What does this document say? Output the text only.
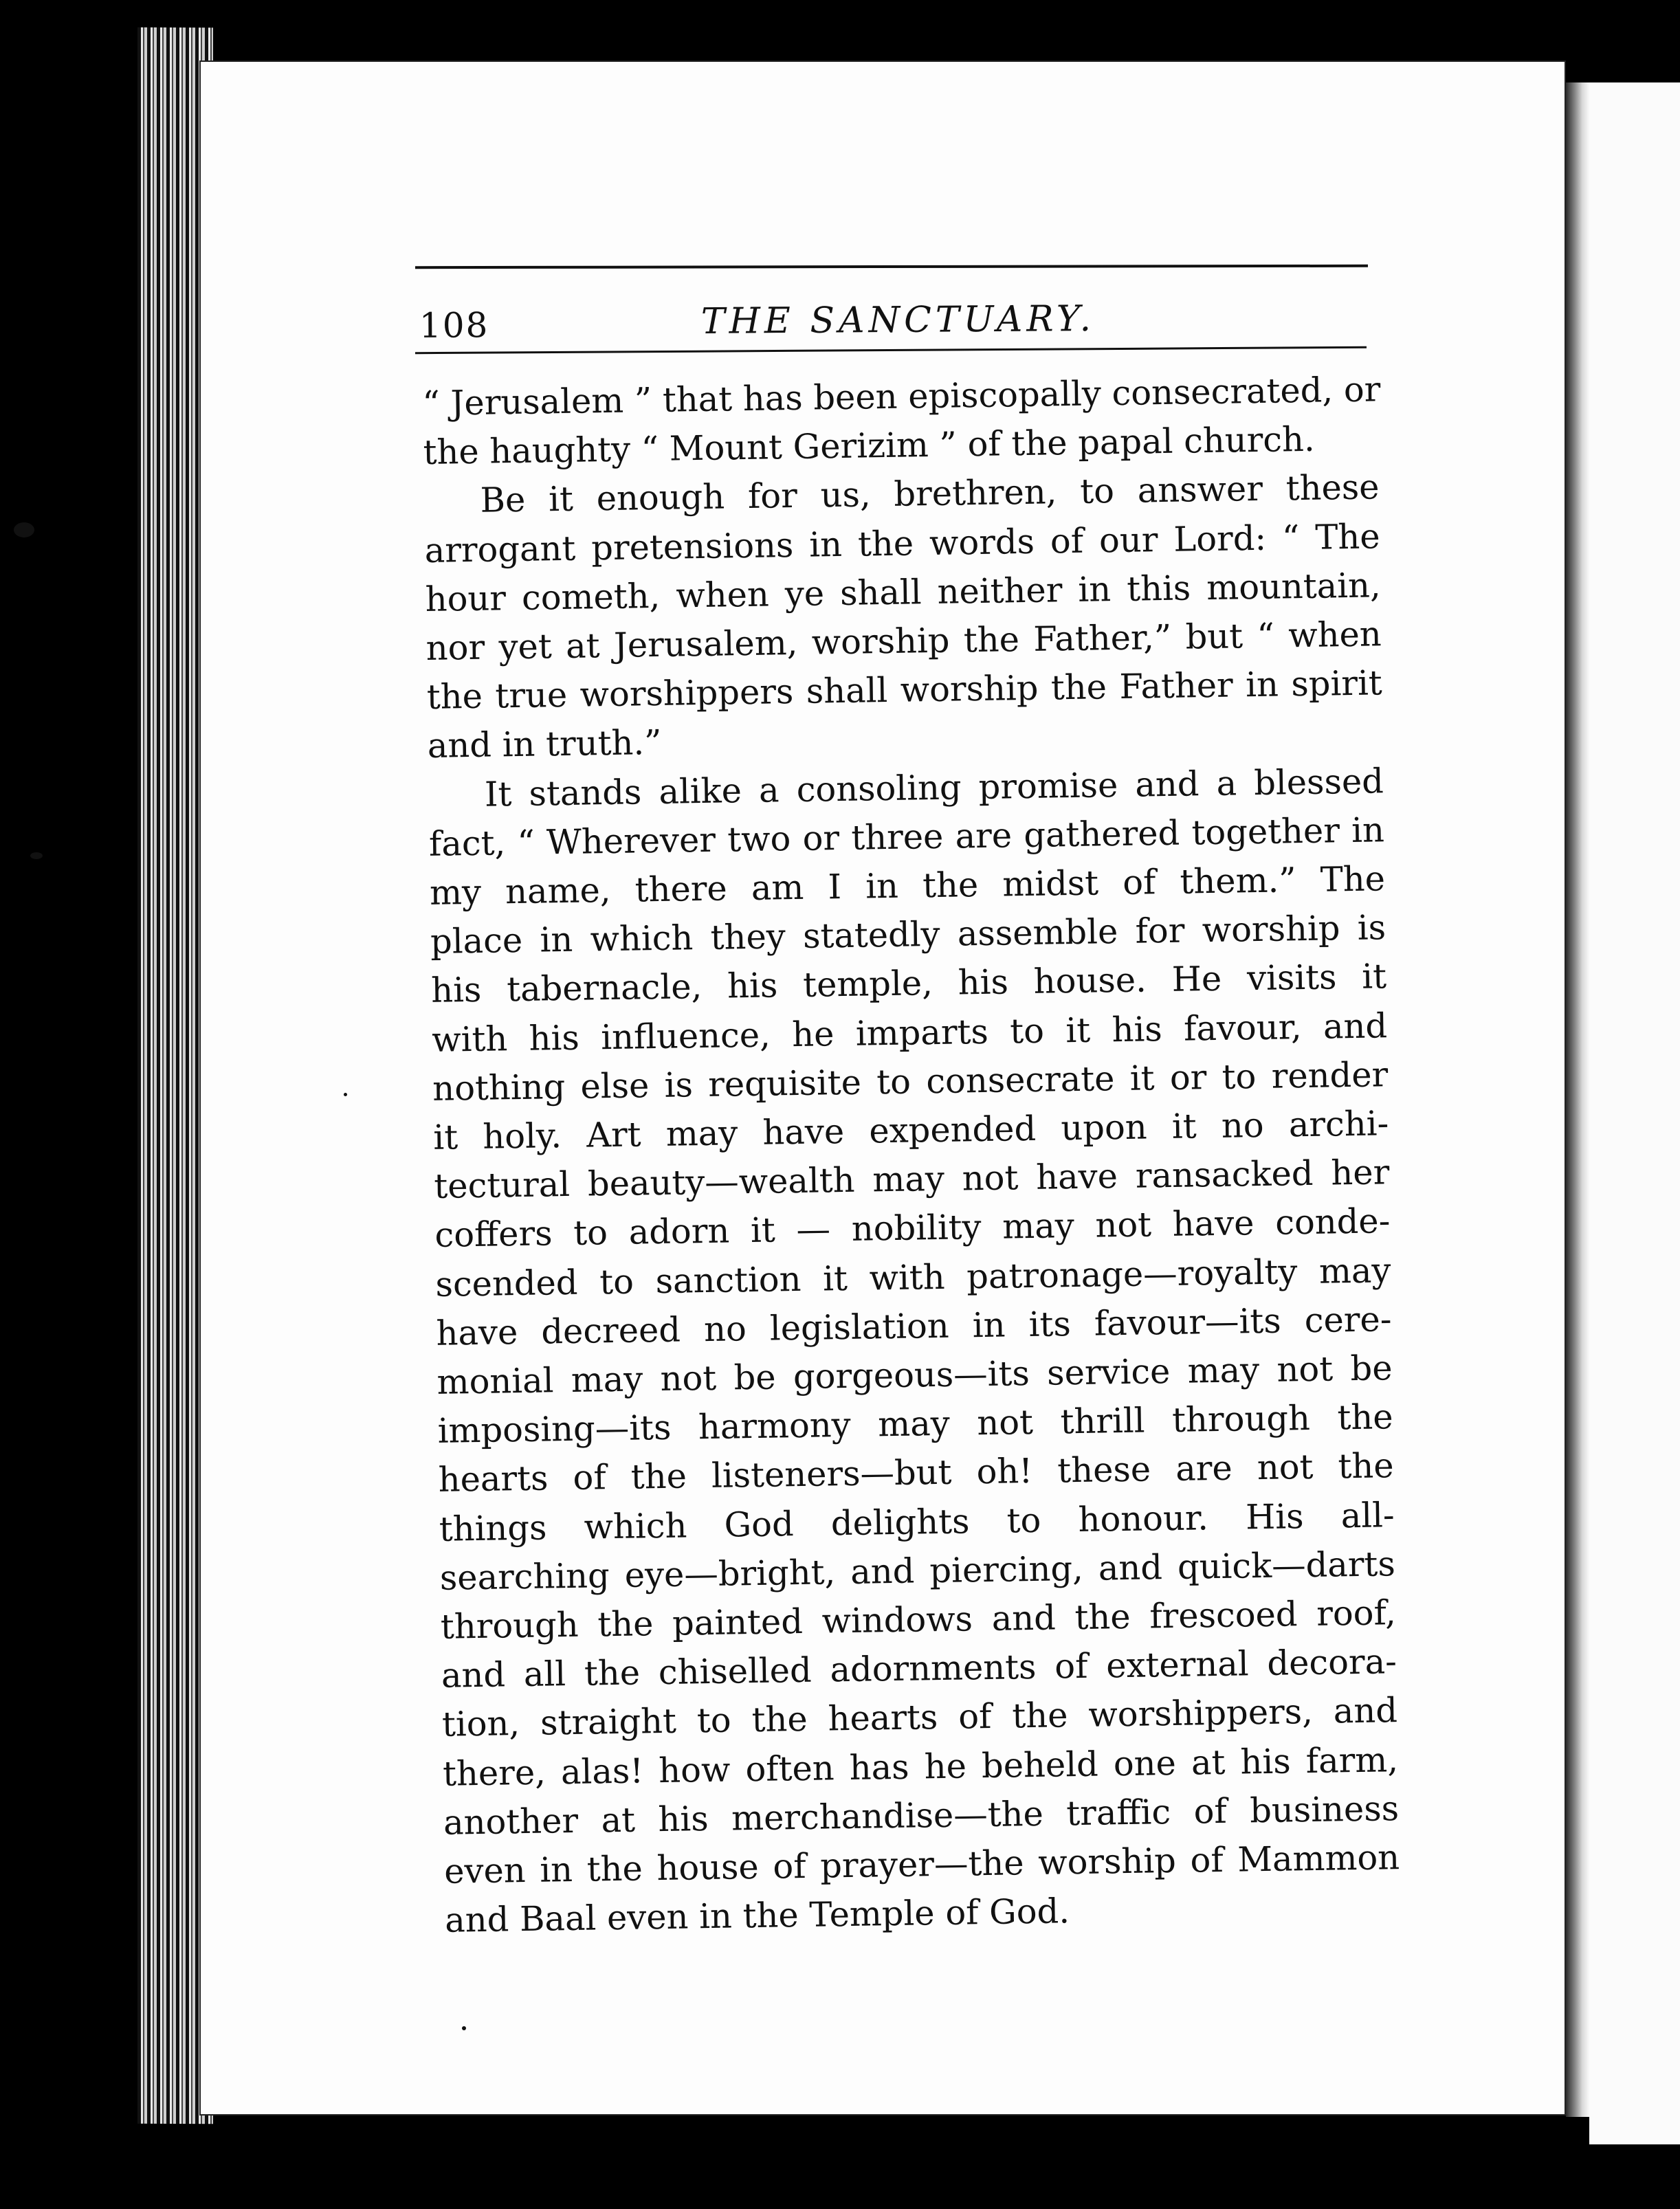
108	THE SANCTUARY.
“ Jerusalem ” that has been episcopally consecrated, or
the haughty “ Mount Gerizim ” of the papal church.
Be it enough for us, brethren, to answer these
arrogant pretensions in the words of our Lord: “ The
hour cometh, when ye shall neither in this mountain,
nor yet at Jerusalem, worship the Father,” but “ when
the true worshippers shall worship the Father in spirit
and in truth.”
It stands alike a consoling promise and a blessed
fact, “ Wherever two or three are gathered together in
my name, there am I in the midst of them.” The
place in which they statedly assemble for worship is
his tabernacle, his temple, his house. He visits it
with his influence, he imparts to it his favour, and
nothing else is requisite to consecrate it or to render
it holy. Art may have expended upon it no archi-
tectural beauty—wealth may not have ransacked her
coffers to adorn it — nobility may not have conde-
scended to sanction it with patronage—royalty may
have decreed no legislation in its favour—its cere-
monial may not be gorgeous—its service may not be
imposing—its harmony may not thrill through the
hearts of the listeners—but oh! these are not the
things which God delights to honour. His all-
searching eye—bright, and piercing, and quick—darts
through the painted windows and the frescoed roof,
and all the chiselled adornments of external decora-
tion, straight to the hearts of the worshippers, and
there, alas! how often has he beheld one at his farm,
another at his merchandise—the traffic of business
even in the house of prayer—the worship of Mammon
and Baal even in the Temple of God.
